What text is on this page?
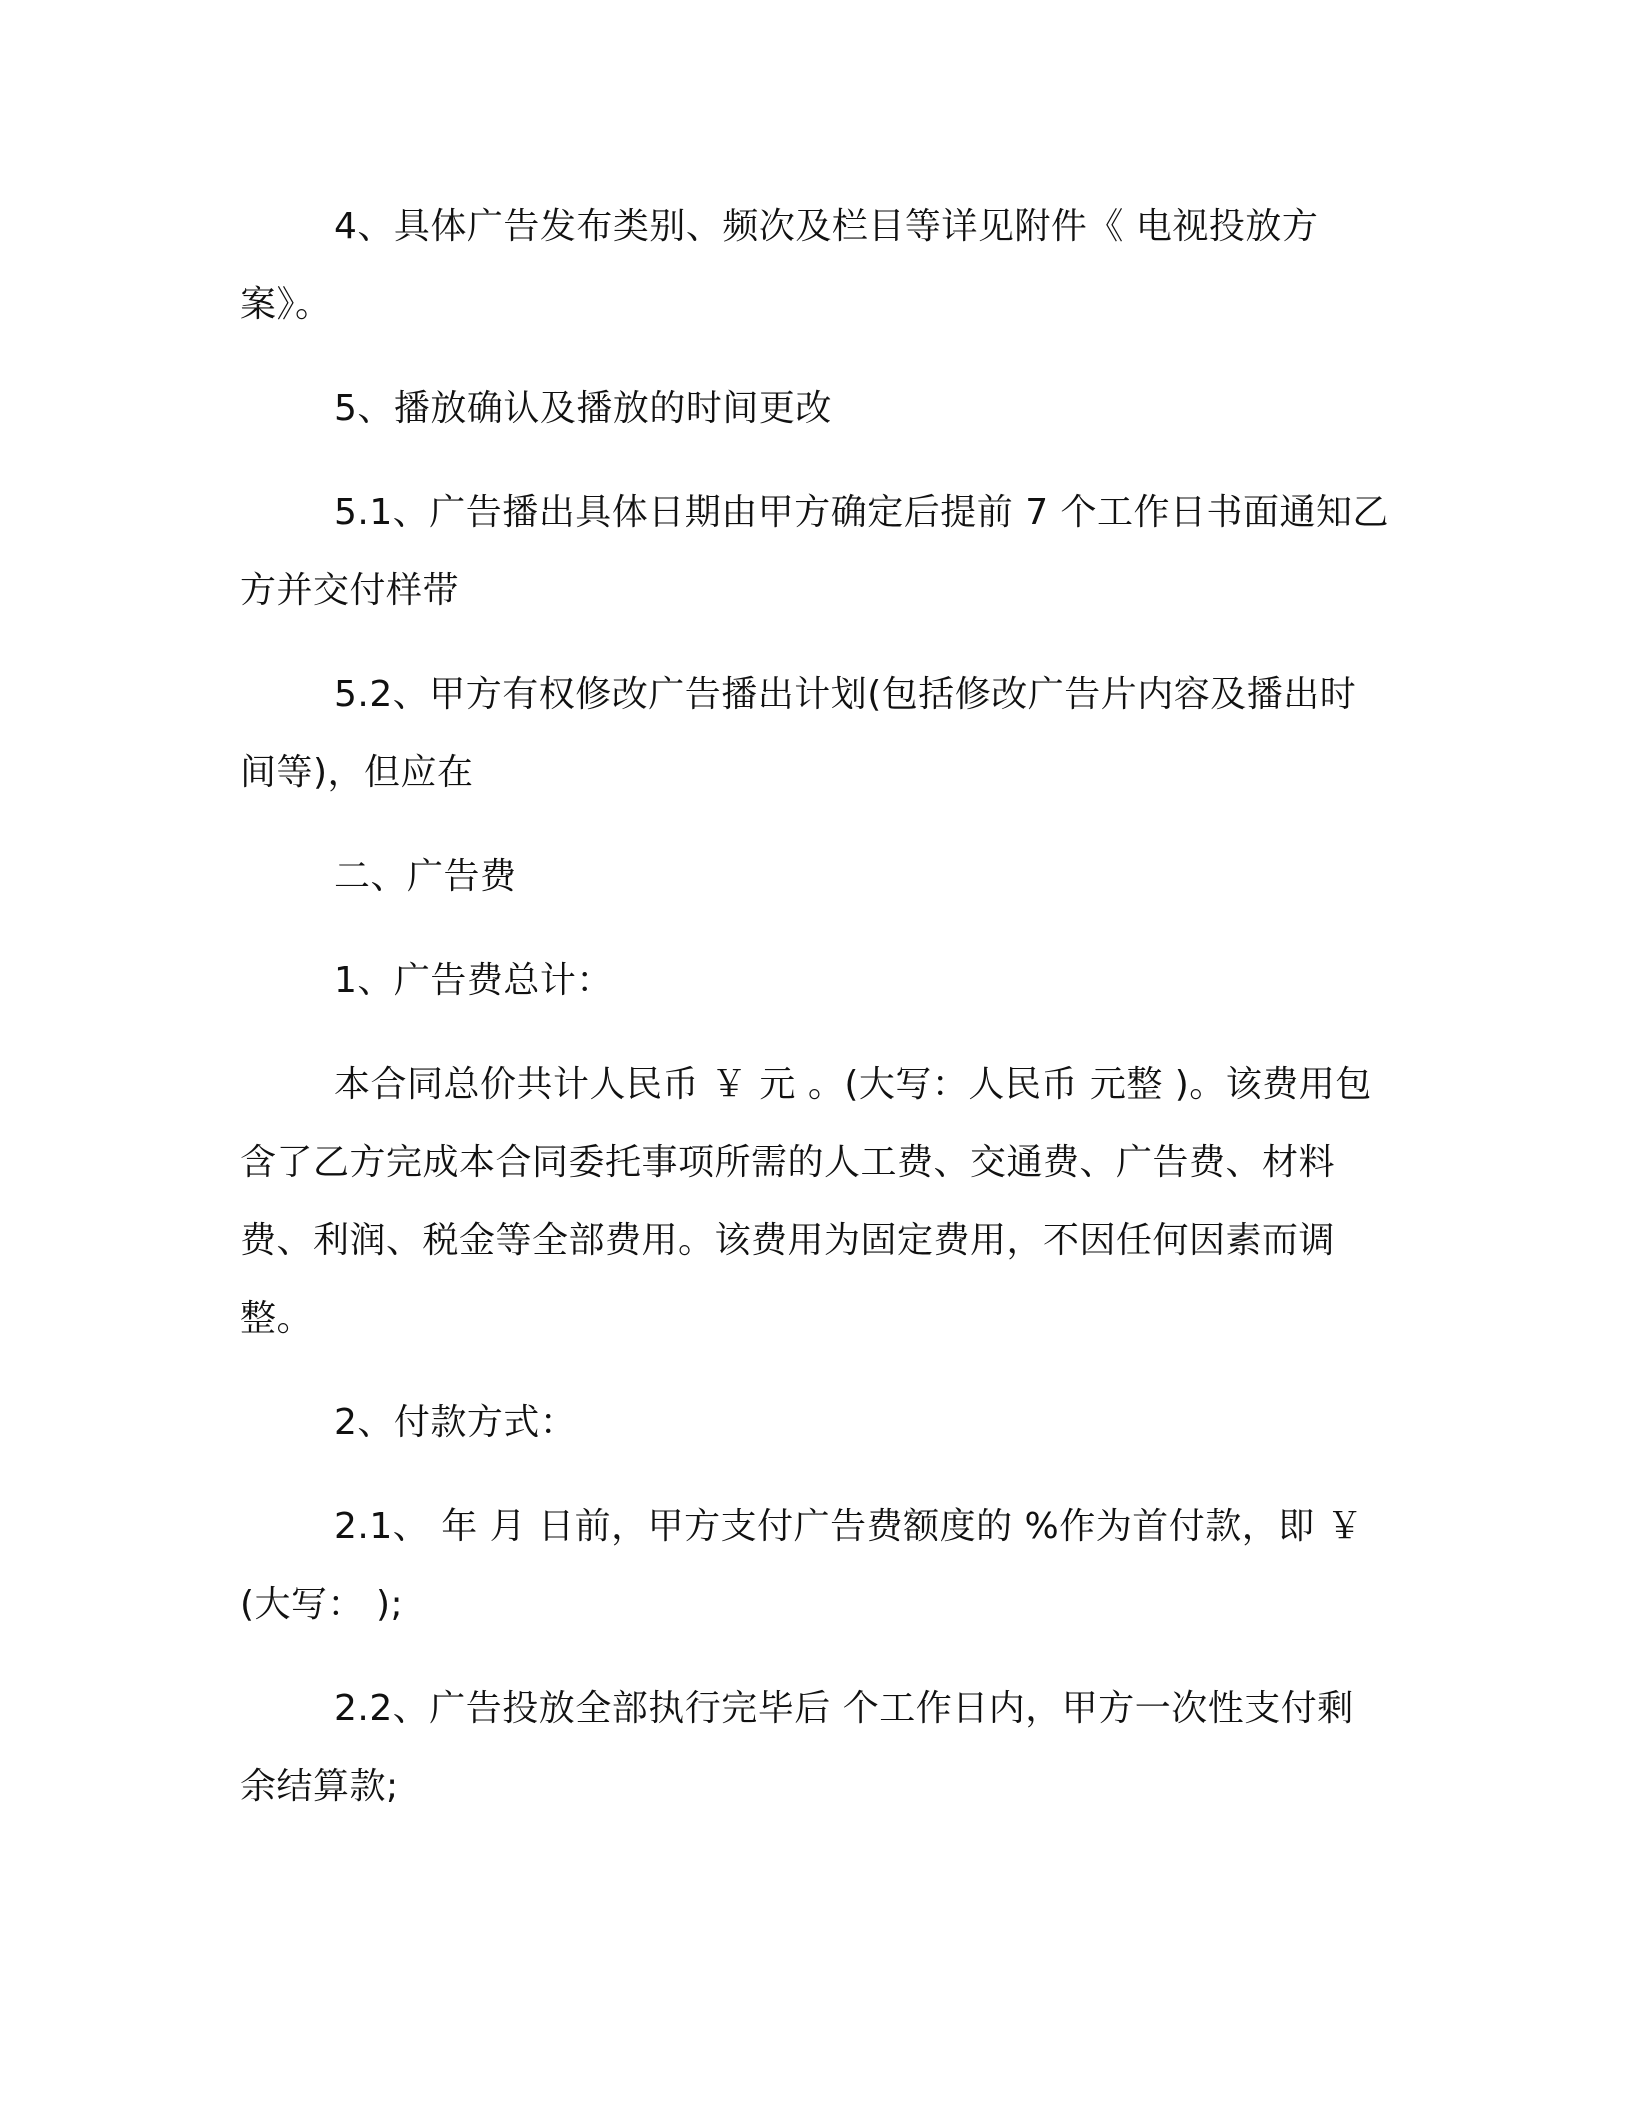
4、具体广告发布类别、频次及栏目等详见附件《 电视投放方案》。

5、播放确认及播放的时间更改

5.1、广告播出具体日期由甲方确定后提前 7 个工作日书面通知乙方并交付样带

5.2、甲方有权修改广告播出计划(包括修改广告片内容及播出时间等)，但应在

二、广告费

1、广告费总计：

本合同总价共计人民币 ￥ 元 。(大写：人民币 元整 )。该费用包含了乙方完成本合同委托事项所需的人工费、交通费、广告费、材料费、利润、税金等全部费用。该费用为固定费用，不因任何因素而调整。

2、付款方式：

2.1、 年 月 日前，甲方支付广告费额度的 %作为首付款，即 ￥ (大写： );

2.2、广告投放全部执行完毕后 个工作日内，甲方一次性支付剩余结算款;
